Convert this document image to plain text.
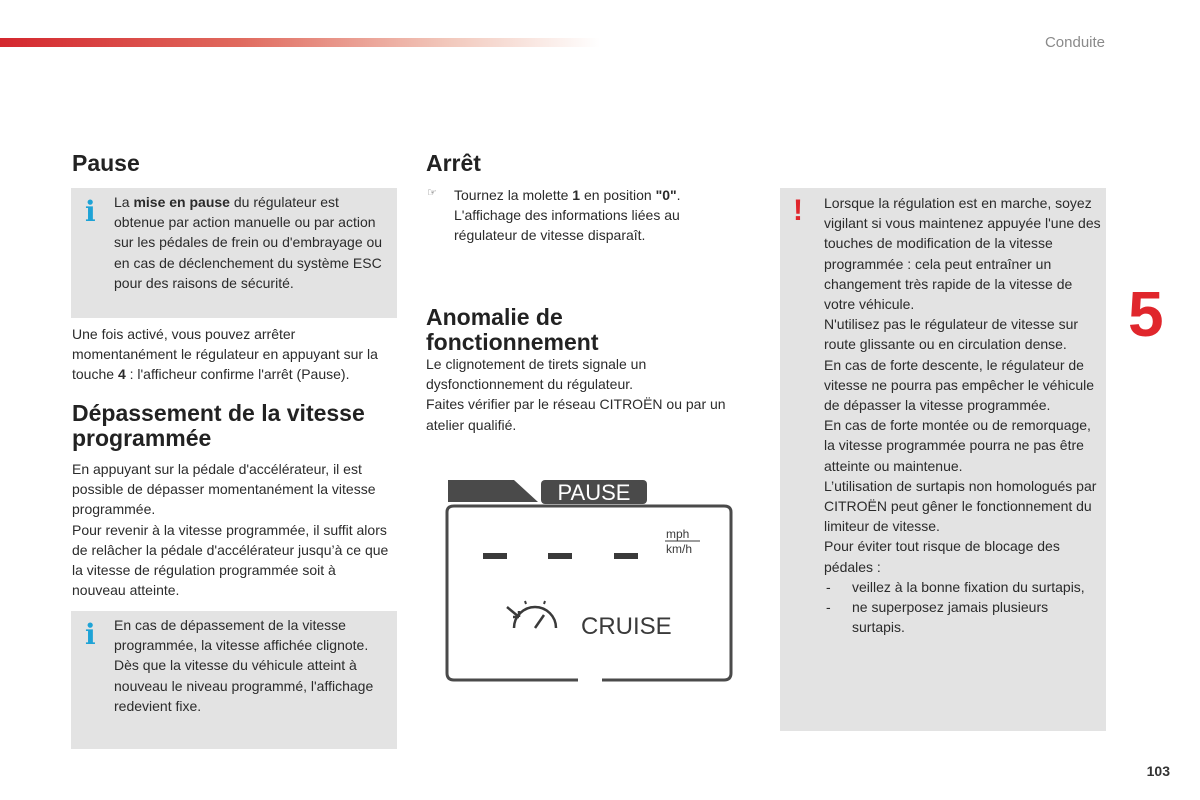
Conduite
5
103
Pause
i La mise en pause du régulateur est obtenue par action manuelle ou par action sur les pédales de frein ou d'embrayage ou en cas de déclenchement du système ESC pour des raisons de sécurité.

Une fois activé, vous pouvez arrêter momentanément le régulateur en appuyant sur la touche 4 : l'afficheur confirme l'arrêt (Pause).

Dépassement de la vitesse programmée
En appuyant sur la pédale d'accélérateur, il est possible de dépasser momentanément la vitesse programmée.
Pour revenir à la vitesse programmée, il suffit alors de relâcher la pédale d'accélérateur jusqu’à ce que la vitesse de régulation programmée soit à nouveau atteinte.
i En cas de dépassement de la vitesse programmée, la vitesse affichée clignote.

Dès que la vitesse du véhicule atteint à nouveau le niveau programmé, l'affichage redevient fixe.

Arrêt
☞ Tournez la molette 1 en position "0". L'affichage des informations liées au régulateur de vitesse disparaît.

Anomalie de fonctionnement
Le clignotement de tirets signale un dysfonctionnement du régulateur.
Faites vérifier par le réseau CITROËN ou par un atelier qualifié.
PAUSE
mph
km/h
CRUISE
! Lorsque la régulation est en marche, soyez vigilant si vous maintenez appuyée l'une des touches de modification de la vitesse programmée : cela peut entraîner un changement très rapide de la vitesse de votre véhicule.

N'utilisez pas le régulateur de vitesse sur route glissante ou en circulation dense.

En cas de forte descente, le régulateur de vitesse ne pourra pas empêcher le véhicule de dépasser la vitesse programmée.

En cas de forte montée ou de remorquage, la vitesse programmée pourra ne pas être atteinte ou maintenue.

L’utilisation de surtapis non homologués par CITROËN peut gêner le fonctionnement du limiteur de vitesse.

Pour éviter tout risque de blocage des pédales :

- veillez à la bonne fixation du surtapis,
- ne superposez jamais plusieurs surtapis.
